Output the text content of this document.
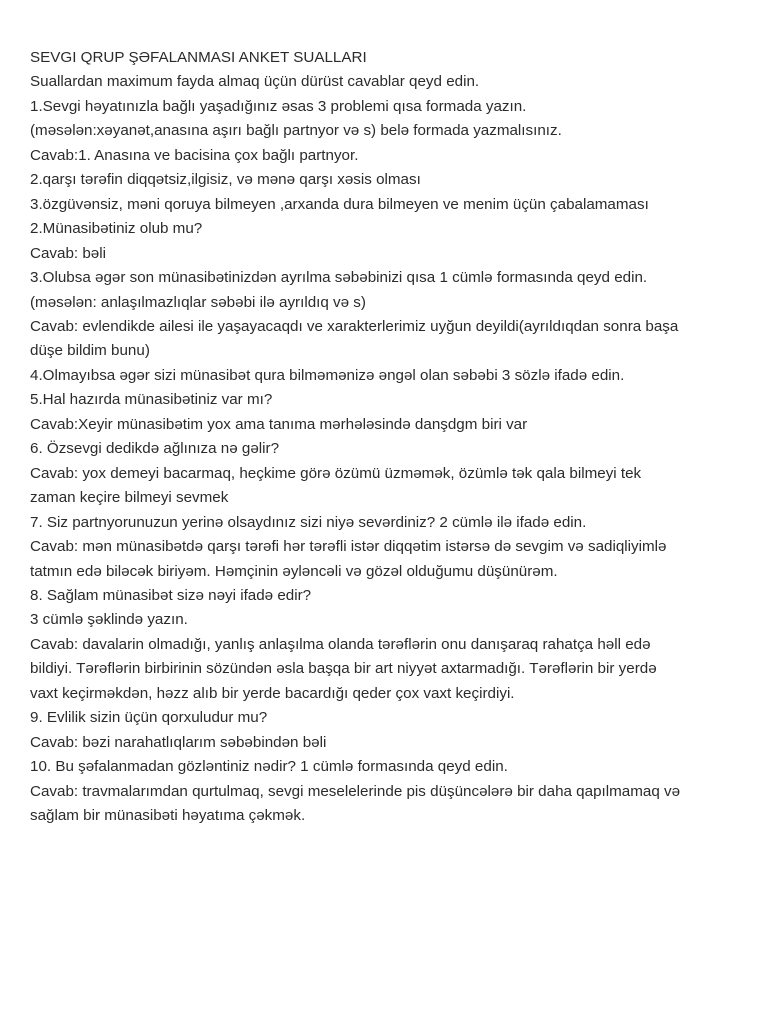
SEVGI QRUP ŞƏFALANMASI ANKET SUALLARI
Suallardan maximum fayda almaq üçün dürüst cavablar qeyd edin.
1.Sevgi həyatınızla bağlı yaşadığınız əsas 3 problemi qısa formada yazın.
(məsələn:xəyanət,anasına aşırı bağlı partnyor və s) belə formada yazmalısınız.
Cavab:1. Anasına ve bacisina çox bağlı partnyor.
2.qarşı tərəfin diqqətsiz,ilgisiz, və mənə qarşı xəsis olması
3.özgüvənsiz, məni qoruya bilmeyen ,arxanda dura bilmeyen ve menim üçün çabalamaması
2.Münasibətiniz olub mu?
Cavab: bəli
3.Olubsa əgər son münasibətinizdən ayrılma səbəbinizi qısa 1 cümlə formasında qeyd edin.
(məsələn: anlaşılmazlıqlar səbəbi ilə ayrıldıq və s)
Cavab: evlendikde ailesi ile yaşayacaqdı ve xarakterlerimiz uyğun deyildi(ayrıldıqdan sonra başa
düşe bildim bunu)
4.Olmayıbsa əgər sizi münasibət qura bilməmənizə əngəl olan səbəbi 3 sözlə ifadə edin.
5.Hal hazırda münasibətiniz var mı?
Cavab:Xeyir münasibətim yox ama tanıma mərhələsində danşdgm biri var
6. Özsevgi dedikdə ağlınıza nə gəlir?
Cavab: yox demeyi bacarmaq, heçkime görə özümü üzməmək, özümlə tək qala bilmeyi tek
zaman keçire bilmeyi sevmek
7. Siz partnyorunuzun yerinə olsaydınız sizi niyə sevərdiniz? 2 cümlə ilə ifadə edin.
Cavab: mən münasibətdə qarşı tərəfi hər tərəfli istər diqqətim istərsə də sevgim və sadiqliyimlə
tatmın edə biləcək biriyəm. Həmçinin əyləncəli və gözəl olduğumu düşünürəm.
8. Sağlam münasibət sizə nəyi ifadə edir?
3 cümlə şəklində yazın.
Cavab: davalarin olmadığı, yanlış anlaşılma olanda tərəflərin onu danışaraq rahatça həll edə
bildiyi. Tərəflərin birbirinin sözündən əsla başqa bir art niyyət axtarmadığı. Tərəflərin bir yerdə
vaxt keçirməkdən, həzz alıb bir yerde bacardığı qeder çox vaxt keçirdiyi.
9. Evlilik sizin üçün qorxuludur mu?
Cavab: bəzi narahatlıqlarım səbəbindən bəli
10. Bu şəfalanmadan gözləntiniz nədir? 1 cümlə formasında qeyd edin.
Cavab: travmalarımdan qurtulmaq, sevgi meselelerinde pis düşüncələrə bir daha qapılmamaq və
sağlam bir münasibəti həyatıma çəkmək.
